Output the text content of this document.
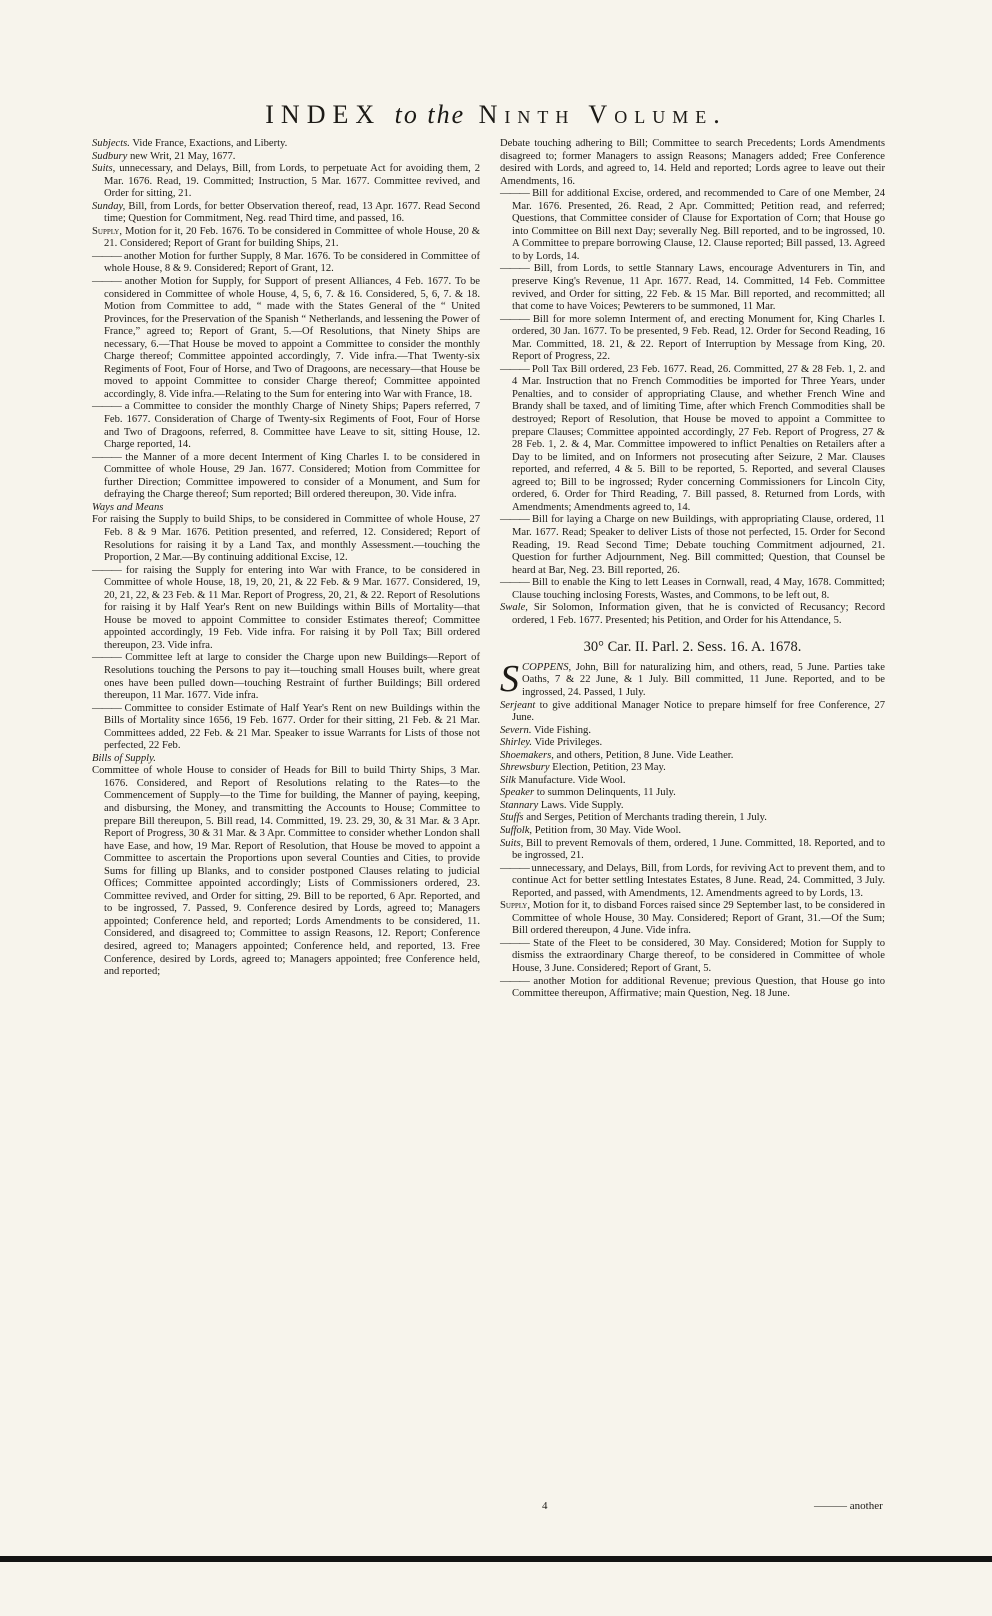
INDEX to the Ninth Volume.

Subjects. Vide France, Exactions, and Liberty.

Sudbury new Writ, 21 May, 1677.

Suits, unnecessary, and Delays, Bill, from Lords, to perpetuate Act for avoiding them, 2 Mar. 1676. Read, 19. Committed; Instruction, 5 Mar. 1677. Committee revived, and Order for sitting, 21.

Sunday, Bill, from Lords, for better Observation thereof, read, 13 Apr. 1677. Read Second time; Question for Commitment, Neg. read Third time, and passed, 16.

Supply, Motion for it, 20 Feb. 1676. To be considered in Committee of whole House, 20 & 21. Considered; Report of Grant for building Ships, 21.

——— another Motion for further Supply, 8 Mar. 1676. To be considered in Committee of whole House, 8 & 9. Considered; Report of Grant, 12.

——— another Motion for Supply, for Support of present Alliances, 4 Feb. 1677. To be considered in Committee of whole House, 4, 5, 6, 7. & 16. Considered, 5, 6, 7. & 18. Motion from Committee to add, “ made with the States General of the “ United Provinces, for the Preservation of the Spanish “ Netherlands, and lessening the Power of France,” agreed to; Report of Grant, 5.—Of Resolutions, that Ninety Ships are necessary, 6.—That House be moved to appoint a Committee to consider the monthly Charge thereof; Committee appointed accordingly, 7. Vide infra.—That Twenty-six Regiments of Foot, Four of Horse, and Two of Dragoons, are necessary—that House be moved to appoint Committee to consider Charge thereof; Committee appointed accordingly, 8. Vide infra.—Relating to the Sum for entering into War with France, 18.

——— a Committee to consider the monthly Charge of Ninety Ships; Papers referred, 7 Feb. 1677. Consideration of Charge of Twenty-six Regiments of Foot, Four of Horse and Two of Dragoons, referred, 8. Committee have Leave to sit, sitting House, 12. Charge reported, 14.

——— the Manner of a more decent Interment of King Charles I. to be considered in Committee of whole House, 29 Jan. 1677. Considered; Motion from Committee for further Direction; Committee impowered to consider of a Monument, and Sum for defraying the Charge thereof; Sum reported; Bill ordered thereupon, 30. Vide infra.

Ways and Means

For raising the Supply to build Ships, to be considered in Committee of whole House, 27 Feb. 8 & 9 Mar. 1676. Petition presented, and referred, 12. Considered; Report of Resolutions for raising it by a Land Tax, and monthly Assessment.—touching the Proportion, 2 Mar.—By continuing additional Excise, 12.

——— for raising the Supply for entering into War with France, to be considered in Committee of whole House, 18, 19, 20, 21, & 22 Feb. & 9 Mar. 1677. Considered, 19, 20, 21, 22, & 23 Feb. & 11 Mar. Report of Progress, 20, 21, & 22. Report of Resolutions for raising it by Half Year's Rent on new Buildings within Bills of Mortality—that House be moved to appoint Committee to consider Estimates thereof; Committee appointed accordingly, 19 Feb. Vide infra. For raising it by Poll Tax; Bill ordered thereupon, 23. Vide infra.

——— Committee left at large to consider the Charge upon new Buildings—Report of Resolutions touching the Persons to pay it—touching small Houses built, where great ones have been pulled down—touching Restraint of further Buildings; Bill ordered thereupon, 11 Mar. 1677. Vide infra.

——— Committee to consider Estimate of Half Year's Rent on new Buildings within the Bills of Mortality since 1656, 19 Feb. 1677. Order for their sitting, 21 Feb. & 21 Mar. Committees added, 22 Feb. & 21 Mar. Speaker to issue Warrants for Lists of those not perfected, 22 Feb.

Bills of Supply.

Committee of whole House to consider of Heads for Bill to build Thirty Ships, 3 Mar. 1676. Considered, and Report of Resolutions relating to the Rates—to the Commencement of Supply—to the Time for building, the Manner of paying, keeping, and disbursing, the Money, and transmitting the Accounts to House; Committee to prepare Bill thereupon, 5. Bill read, 14. Committed, 19. 23. 29, 30, & 31 Mar. & 3 Apr. Report of Progress, 30 & 31 Mar. & 3 Apr. Committee to consider whether London shall have Ease, and how, 19 Mar. Report of Resolution, that House be moved to appoint a Committee to ascertain the Proportions upon several Counties and Cities, to provide Sums for filling up Blanks, and to consider postponed Clauses relating to judicial Offices; Committee appointed accordingly; Lists of Commissioners ordered, 23. Committee revived, and Order for sitting, 29. Bill to be reported, 6 Apr. Reported, and to be ingrossed, 7. Passed, 9. Conference desired by Lords, agreed to; Managers appointed; Conference held, and reported; Lords Amendments to be considered, 11. Considered, and disagreed to; Committee to assign Reasons, 12. Report; Conference desired, agreed to; Managers appointed; Conference held, and reported, 13. Free Conference, desired by Lords, agreed to; Managers appointed; free Conference held, and reported;

Debate touching adhering to Bill; Committee to search Precedents; Lords Amendments disagreed to; former Managers to assign Reasons; Managers added; Free Conference desired with Lords, and agreed to, 14. Held and reported; Lords agree to leave out their Amendments, 16.

——— Bill for additional Excise, ordered, and recommended to Care of one Member, 24 Mar. 1676. Presented, 26. Read, 2 Apr. Committed; Petition read, and referred; Questions, that Committee consider of Clause for Exportation of Corn; that House go into Committee on Bill next Day; severally Neg. Bill reported, and to be ingrossed, 10. A Committee to prepare borrowing Clause, 12. Clause reported; Bill passed, 13. Agreed to by Lords, 14.

——— Bill, from Lords, to settle Stannary Laws, encourage Adventurers in Tin, and preserve King's Revenue, 11 Apr. 1677. Read, 14. Committed, 14 Feb. Committee revived, and Order for sitting, 22 Feb. & 15 Mar. Bill reported, and recommitted; all that come to have Voices; Pewterers to be summoned, 11 Mar.

——— Bill for more solemn Interment of, and erecting Monument for, King Charles I. ordered, 30 Jan. 1677. To be presented, 9 Feb. Read, 12. Order for Second Reading, 16 Mar. Committed, 18. 21, & 22. Report of Interruption by Message from King, 20. Report of Progress, 22.

——— Poll Tax Bill ordered, 23 Feb. 1677. Read, 26. Committed, 27 & 28 Feb. 1, 2. and 4 Mar. Instruction that no French Commodities be imported for Three Years, under Penalties, and to consider of appropriating Clause, and whether French Wine and Brandy shall be taxed, and of limiting Time, after which French Commodities shall be destroyed; Report of Resolution, that House be moved to appoint a Committee to prepare Clauses; Committee appointed accordingly, 27 Feb. Report of Progress, 27 & 28 Feb. 1, 2. & 4, Mar. Committee impowered to inflict Penalties on Retailers after a Day to be limited, and on Informers not prosecuting after Seizure, 2 Mar. Clauses reported, and referred, 4 & 5. Bill to be reported, 5. Reported, and several Clauses agreed to; Bill to be ingrossed; Ryder concerning Commissioners for Lincoln City, ordered, 6. Order for Third Reading, 7. Bill passed, 8. Returned from Lords, with Amendments; Amendments agreed to, 14.

——— Bill for laying a Charge on new Buildings, with appropriating Clause, ordered, 11 Mar. 1677. Read; Speaker to deliver Lists of those not perfected, 15. Order for Second Reading, 19. Read Second Time; Debate touching Commitment adjourned, 21. Question for further Adjournment, Neg. Bill committed; Question, that Counsel be heard at Bar, Neg. 23. Bill reported, 26.

——— Bill to enable the King to lett Leases in Cornwall, read, 4 May, 1678. Committed; Clause touching inclosing Forests, Wastes, and Commons, to be left out, 8.

Swale, Sir Solomon, Information given, that he is convicted of Recusancy; Record ordered, 1 Feb. 1677. Presented; his Petition, and Order for his Attendance, 5.

30° Car. II. Parl. 2. Sess. 16. A. 1678.

SCOPPENS, John, Bill for naturalizing him, and others, read, 5 June. Parties take Oaths, 7 & 22 June, & 1 July. Bill committed, 11 June. Reported, and to be ingrossed, 24. Passed, 1 July.

Serjeant to give additional Manager Notice to prepare himself for free Conference, 27 June.

Severn. Vide Fishing.

Shirley. Vide Privileges.

Shoemakers, and others, Petition, 8 June. Vide Leather.

Shrewsbury Election, Petition, 23 May.

Silk Manufacture. Vide Wool.

Speaker to summon Delinquents, 11 July.

Stannary Laws. Vide Supply.

Stuffs and Serges, Petition of Merchants trading therein, 1 July.

Suffolk, Petition from, 30 May. Vide Wool.

Suits, Bill to prevent Removals of them, ordered, 1 June. Committed, 18. Reported, and to be ingrossed, 21.

——— unnecessary, and Delays, Bill, from Lords, for reviving Act to prevent them, and to continue Act for better settling Intestates Estates, 8 June. Read, 24. Committed, 3 July. Reported, and passed, with Amendments, 12. Amendments agreed to by Lords, 13.

Supply, Motion for it, to disband Forces raised since 29 September last, to be considered in Committee of whole House, 30 May. Considered; Report of Grant, 31.—Of the Sum; Bill ordered thereupon, 4 June. Vide infra.

——— State of the Fleet to be considered, 30 May. Considered; Motion for Supply to dismiss the extraordinary Charge thereof, to be considered in Committee of whole House, 3 June. Considered; Report of Grant, 5.

——— another Motion for additional Revenue; previous Question, that House go into Committee thereupon, Affirmative; main Question, Neg. 18 June.

4	——— another
